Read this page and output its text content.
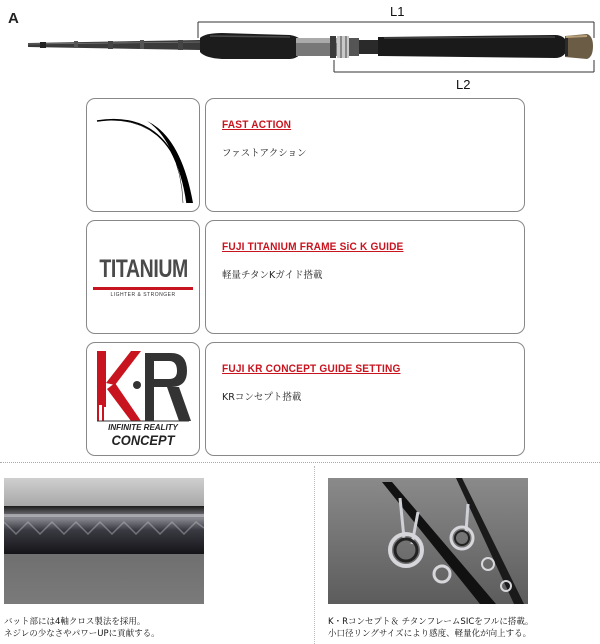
A	L1
L2
FAST ACTION
ファストアクション
TITANIUM
LIGHTER & STRONGER
FUJI TITANIUM FRAME SiC K GUIDE
軽量チタンKガイド搭載
INFINITE REALITY
CONCEPT
FUJI KR CONCEPT GUIDE SETTING
KRコンセプト搭載
バット部には4軸クロス製法を採用。
ネジレの少なさやパワーUPに貢献する。
K・Rコンセプト＆ チタンフレームSICをフルに搭載。
小口径リングサイズにより感度、軽量化が向上する。
